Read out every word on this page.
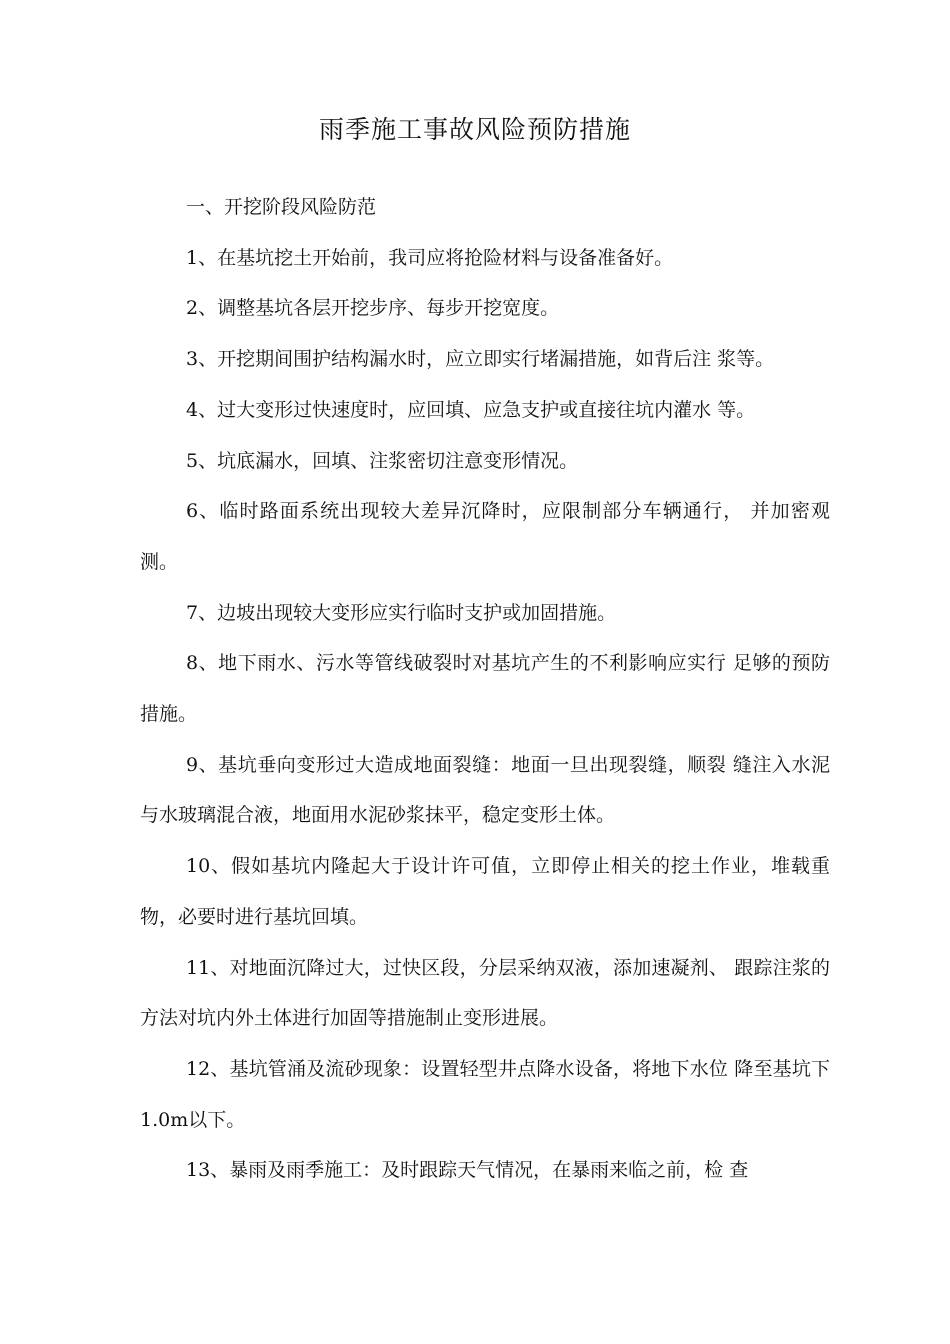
雨季施工事故风险预防措施

一、开挖阶段风险防范

1、在基坑挖土开始前，我司应将抢险材料与设备准备好。

2、调整基坑各层开挖步序、每步开挖宽度。

3、开挖期间围护结构漏水时，应立即实行堵漏措施，如背后注 浆等。

4、过大变形过快速度时，应回填、应急支护或直接往坑内灌水 等。

5、坑底漏水，回填、注浆密切注意变形情况。

6、临时路面系统出现较大差异沉降时，应限制部分车辆通行， 并加密观测。

7、边坡出现较大变形应实行临时支护或加固措施。

8、地下雨水、污水等管线破裂时对基坑产生的不利影响应实行 足够的预防措施。

9、基坑垂向变形过大造成地面裂缝：地面一旦出现裂缝，顺裂 缝注入水泥与水玻璃混合液，地面用水泥砂浆抹平，稳定变形土体。

10、假如基坑内隆起大于设计许可值，立即停止相关的挖土作业，堆载重物，必要时进行基坑回填。

11、对地面沉降过大，过快区段，分层采纳双液，添加速凝剂、 跟踪注浆的方法对坑内外土体进行加固等措施制止变形进展。

12、基坑管涌及流砂现象：设置轻型井点降水设备，将地下水位 降至基坑下1.0m以下。

13、暴雨及雨季施工：及时跟踪天气情况，在暴雨来临之前，检 查
